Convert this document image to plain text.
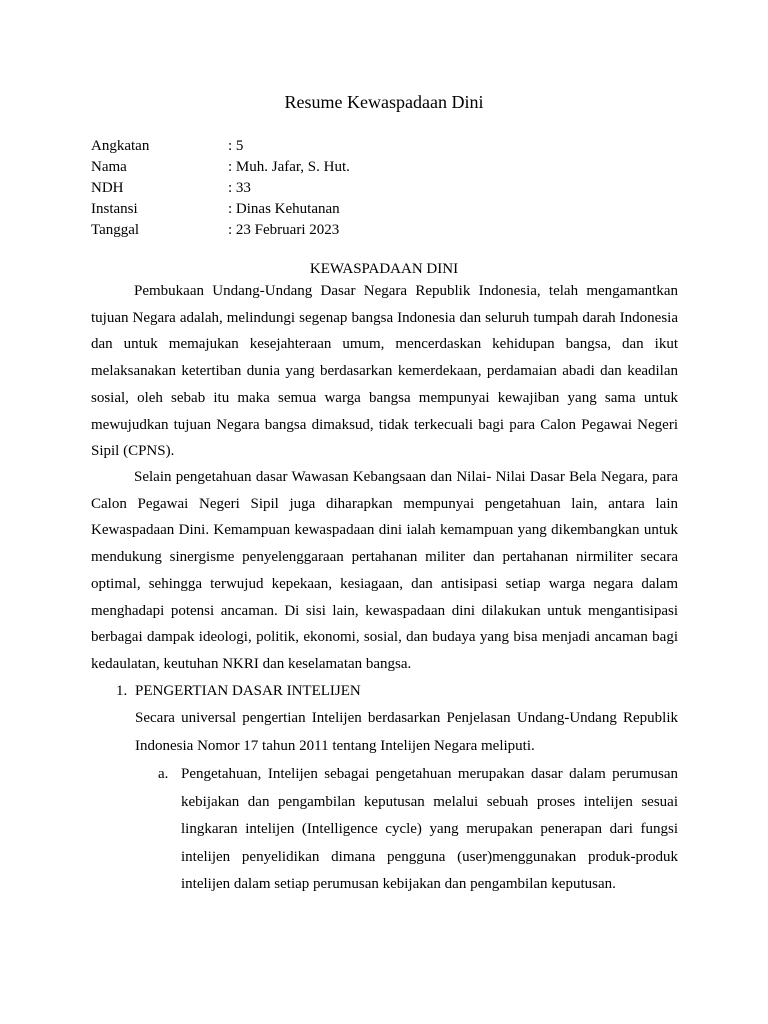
Resume Kewaspadaan Dini
Angkatan	: 5
Nama	: Muh. Jafar, S. Hut.
NDH	: 33
Instansi	: Dinas Kehutanan
Tanggal	: 23 Februari 2023
KEWASPADAAN DINI

Pembukaan Undang-Undang Dasar Negara Republik Indonesia, telah mengamantkan tujuan Negara adalah, melindungi segenap bangsa Indonesia dan seluruh tumpah darah Indonesia dan untuk memajukan kesejahteraan umum, mencerdaskan kehidupan bangsa, dan ikut melaksanakan ketertiban dunia yang berdasarkan kemerdekaan, perdamaian abadi dan keadilan sosial, oleh sebab itu maka semua warga bangsa mempunyai kewajiban yang sama untuk mewujudkan tujuan Negara bangsa dimaksud, tidak terkecuali bagi para Calon Pegawai Negeri Sipil (CPNS).

Selain pengetahuan dasar Wawasan Kebangsaan dan Nilai- Nilai Dasar Bela Negara, para Calon Pegawai Negeri Sipil juga diharapkan mempunyai pengetahuan lain, antara lain Kewaspadaan Dini. Kemampuan kewaspadaan dini ialah kemampuan yang dikembangkan untuk mendukung sinergisme penyelenggaraan pertahanan militer dan pertahanan nirmiliter secara optimal, sehingga terwujud kepekaan, kesiagaan, dan antisipasi setiap warga negara dalam menghadapi potensi ancaman. Di sisi lain, kewaspadaan dini dilakukan untuk mengantisipasi berbagai dampak ideologi, politik, ekonomi, sosial, dan budaya yang bisa menjadi ancaman bagi kedaulatan, keutuhan NKRI dan keselamatan bangsa.

1. PENGERTIAN DASAR INTELIJEN

Secara universal pengertian Intelijen berdasarkan Penjelasan Undang-Undang Republik Indonesia Nomor 17 tahun 2011 tentang Intelijen Negara meliputi.

a. Pengetahuan, Intelijen sebagai pengetahuan merupakan dasar dalam perumusan kebijakan dan pengambilan keputusan melalui sebuah proses intelijen sesuai lingkaran intelijen (Intelligence cycle) yang merupakan penerapan dari fungsi intelijen penyelidikan dimana pengguna (user)menggunakan produk-produk intelijen dalam setiap perumusan kebijakan dan pengambilan keputusan.
